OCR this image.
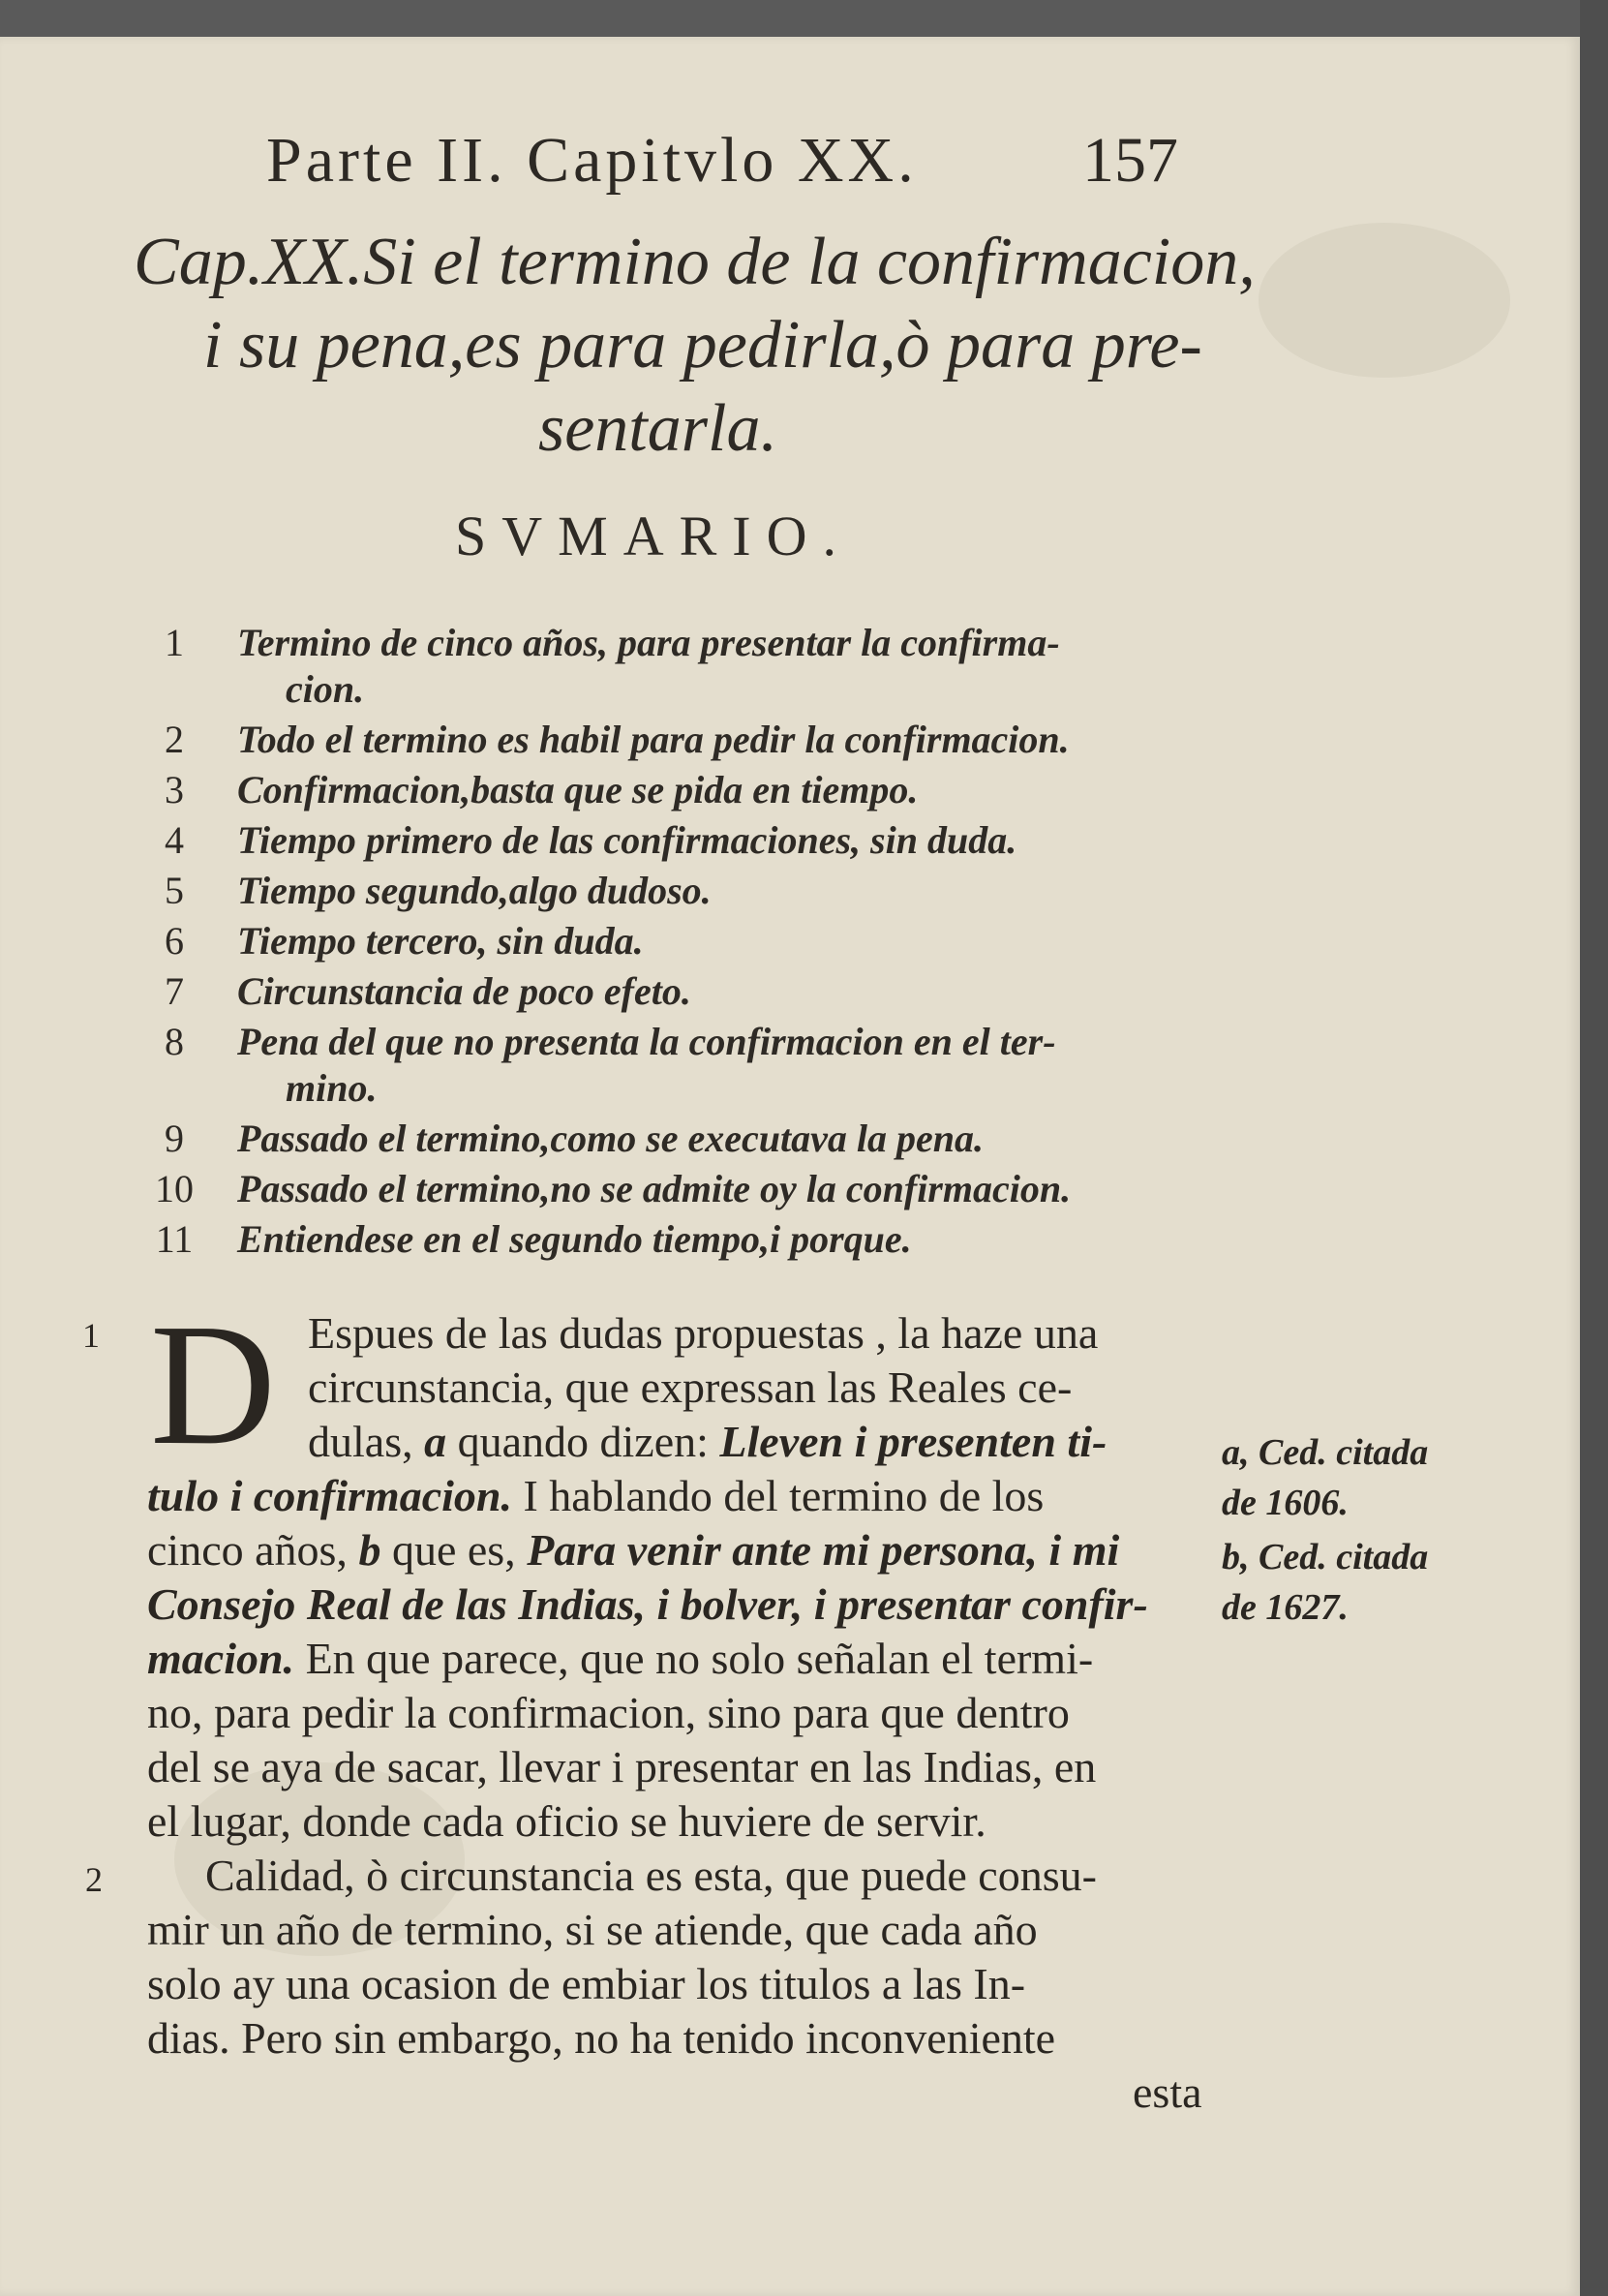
Parte II. Capitvlo XX.	157
Cap.XX.Si el termino de la confirmacion,
i su pena,es para pedirla,ò para pre-
sentarla.
SVMARIO.
1	Termino de cinco años, para presentar la confirma-
cion.
2	Todo el termino es habil para pedir la confirmacion.
3	Confirmacion,basta que se pida en tiempo.
4	Tiempo primero de las confirmaciones, sin duda.
5	Tiempo segundo,algo dudoso.
6	Tiempo tercero, sin duda.
7	Circunstancia de poco efeto.
8	Pena del que no presenta la confirmacion en el ter-
mino.
9	Passado el termino,como se executava la pena.
10 Passado el termino,no se admite oy la confirmacion.
11 Entiendese en el segundo tiempo,i porque.
1
2
D Espues de las dudas propuestas , la haze una
circunstancia, que expressan las Reales ce-
dulas, a quando dizen: Lleven i presenten ti-
tulo i confirmacion. I hablando del termino de los
cinco años, b que es, Para venir ante mi persona, i mi
Consejo Real de las Indias, i bolver, i presentar confir-
macion. En que parece, que no solo señalan el termi-
no, para pedir la confirmacion, sino para que dentro
del se aya de sacar, llevar i presentar en las Indias, en
el lugar, donde cada oficio se huviere de servir.
Calidad, ò circunstancia es esta, que puede consu-
mir un año de termino, si se atiende, que cada año
solo ay una ocasion de embiar los titulos a las In-
dias. Pero sin embargo, no ha tenido inconveniente
esta
a, Ced. citada
de 1606.
b, Ced. citada
de 1627.
